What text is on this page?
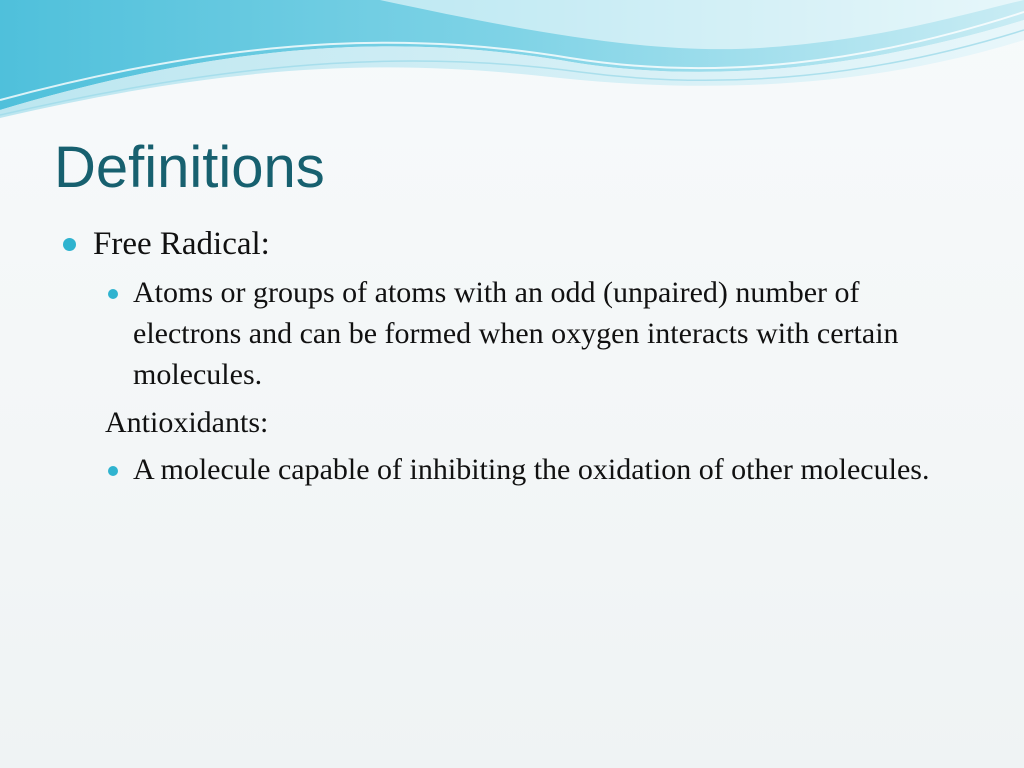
Definitions
Free Radical:
Atoms or groups of atoms with an odd (unpaired) number of electrons and can be formed when oxygen interacts with certain molecules.
Antioxidants:
A molecule capable of inhibiting the oxidation of other molecules.
